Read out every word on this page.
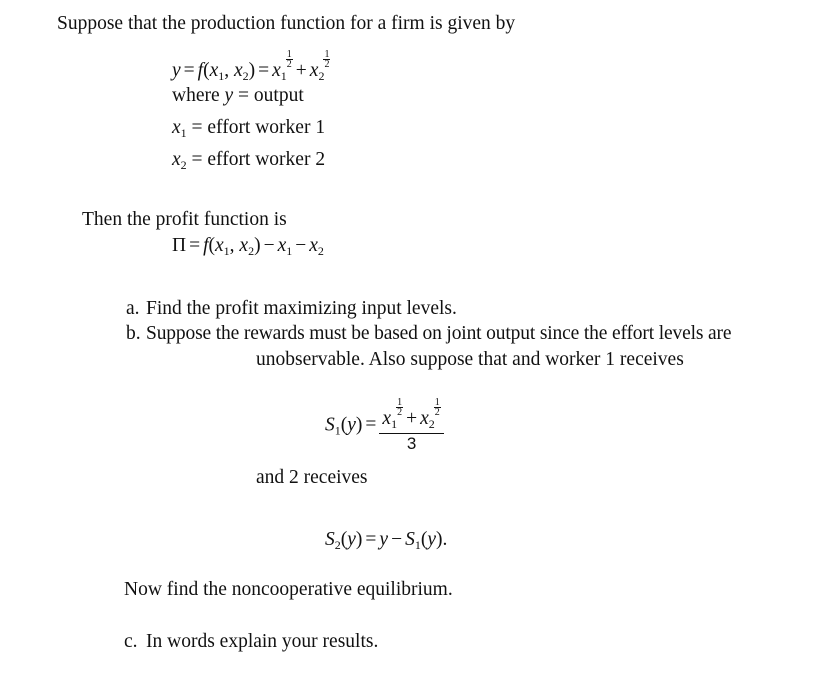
Suppose that the production function for a firm is given by
$y = f(x_1$, $x_2) = x_1$
$\frac{1}{2}$
+ $x_2$
$\frac{1}{2}$
where y = output
$x_1$ = effort worker 1
$x_2$ = effort worker 2
Then the profit function is
$\Pi = f(x_1$, $x_2) - x_1 - x_2$
a. Find the profit maximizing input levels.
b. Suppose the rewards must be based on joint output since the effort levels are
unobservable. Also suppose that and worker 1 receives
$S_1(y) = x_1$
$\frac{1}{2}$
+ $x_2$
$\frac{1}{2}$
3
and 2 receives
$S_2(y) = y - S_1(y)$.
Now find the noncooperative equilibrium.
c. In words explain your results.
